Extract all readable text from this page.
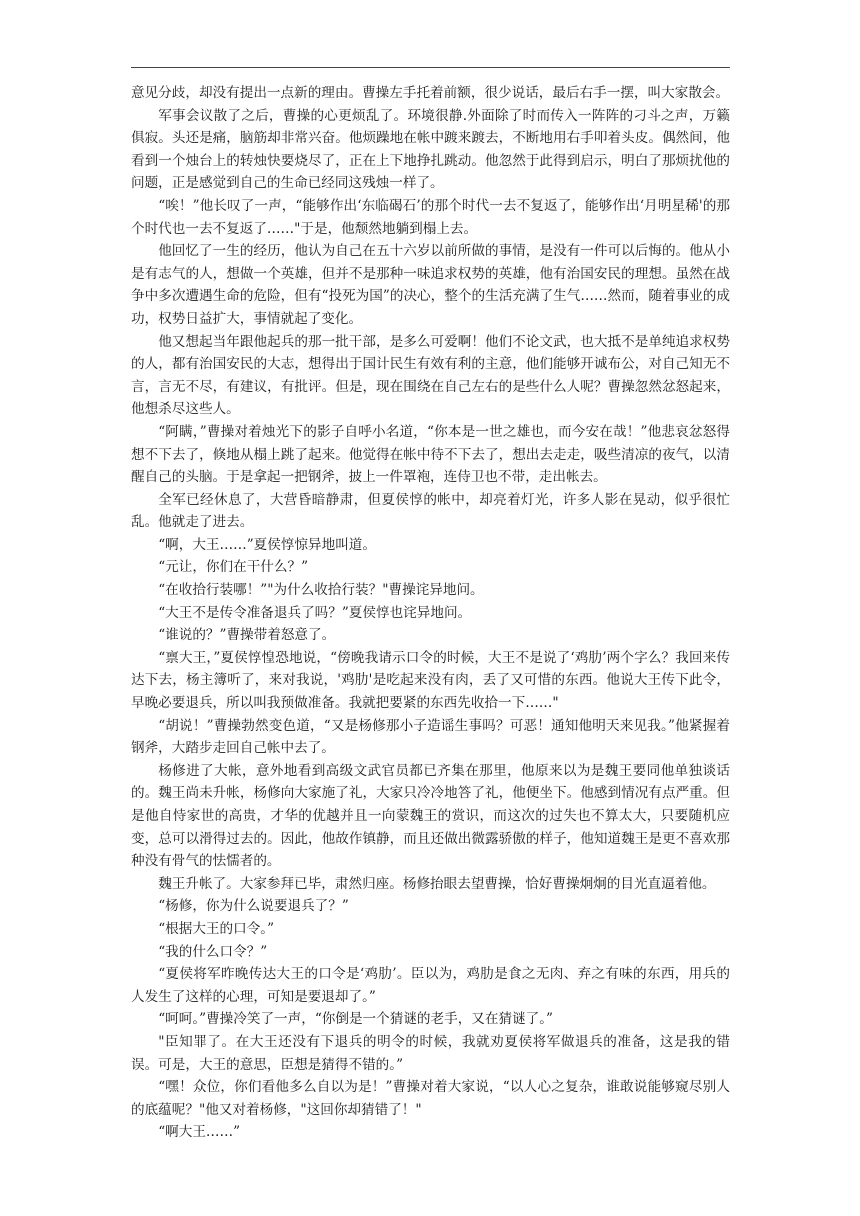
意见分歧，却没有提出一点新的理由。曹操左手托着前额，很少说话，最后右手一摆，叫大家散会。

军事会议散了之后，曹操的心更烦乱了。环境很静.外面除了时而传入一阵阵的刁斗之声，万籁俱寂。头还是痛，脑筋却非常兴奋。他烦躁地在帐中踱来踱去，不断地用右手叩着头皮。偶然间，他看到一个烛台上的转烛快要烧尽了，正在上下地挣扎跳动。他忽然于此得到启示，明白了那烦扰他的问题，正是感觉到自己的生命已经同这残烛一样了。

“唉！”他长叹了一声，“能够作出‘东临碣石’的那个时代一去不复返了，能够作出‘月明星稀'的那个时代也一去不复返了……"于是，他颓然地躺到榻上去。

他回忆了一生的经历，他认为自己在五十六岁以前所做的事情，是没有一件可以后悔的。他从小是有志气的人，想做一个英雄，但并不是那种一味追求权势的英雄，他有治国安民的理想。虽然在战争中多次遭遇生命的危险，但有“投死为国”的决心，整个的生活充满了生气……然而，随着事业的成功，权势日益扩大，事情就起了变化。

他又想起当年跟他起兵的那一批干部，是多么可爱啊！他们不论文武，也大抵不是单纯追求权势的人，都有治国安民的大志，想得出于国计民生有效有利的主意，他们能够开诚布公，对自己知无不言，言无不尽，有建议，有批评。但是，现在围绕在自己左右的是些什么人呢？曹操忽然忿怒起来，他想杀尽这些人。

“阿瞒，”曹操对着烛光下的影子自呼小名道，“你本是一世之雄也，而今安在哉！”他悲哀忿怒得想不下去了，倏地从榻上跳了起来。他觉得在帐中待不下去了，想出去走走，吸些清凉的夜气，以清醒自己的头脑。于是拿起一把钢斧，披上一件罩袍，连侍卫也不带，走出帐去。

全军已经休息了，大营昏暗静肃，但夏侯惇的帐中，却亮着灯光，许多人影在晃动，似乎很忙乱。他就走了进去。

“啊，大王……”夏侯惇惊异地叫道。

“元让，你们在干什么？”

“在收拾行装哪！”"为什么收拾行装？"曹操诧异地问。

“大王不是传令准备退兵了吗？”夏侯惇也诧异地问。

“谁说的？”曹操带着怒意了。

“禀大王，”夏侯惇惶恐地说，“傍晚我请示口令的时候，大王不是说了‘鸡肋’两个字么？我回来传达下去，杨主簿听了，来对我说，'鸡肋'是吃起来没有肉，丢了又可惜的东西。他说大王传下此令，早晚必要退兵，所以叫我预做准备。我就把要紧的东西先收拾一下……"

“胡说！”曹操勃然变色道，“又是杨修那小子造谣生事吗？可恶！通知他明天来见我。”他紧握着钢斧，大踏步走回自己帐中去了。

杨修进了大帐，意外地看到高级文武官员都已齐集在那里，他原来以为是魏王要同他单独谈话的。魏王尚未升帐，杨修向大家施了礼，大家只冷冷地答了礼，他便坐下。他感到情况有点严重。但是他自恃家世的高贵，才华的优越并且一向蒙魏王的赏识，而这次的过失也不算太大，只要随机应变，总可以滑得过去的。因此，他故作镇静，而且还做出微露骄傲的样子，他知道魏王是更不喜欢那种没有骨气的怯懦者的。

魏王升帐了。大家参拜已毕，肃然归座。杨修抬眼去望曹操，恰好曹操炯炯的目光直逼着他。

“杨修，你为什么说要退兵了？”

“根据大王的口令。”

“我的什么口令？”

“夏侯将军昨晚传达大王的口令是‘鸡肋’。臣以为，鸡肋是食之无肉、弃之有味的东西，用兵的人发生了这样的心理，可知是要退却了。”

“呵呵。”曹操冷笑了一声，“你倒是一个猜谜的老手，又在猜谜了。”

"臣知罪了。在大王还没有下退兵的明令的时候，我就劝夏侯将军做退兵的准备，这是我的错误。可是，大王的意思，臣想是猜得不错的。”

“嘿！众位，你们看他多么自以为是！”曹操对着大家说，“以人心之复杂，谁敢说能够窥尽别人的底蕴呢？"他又对着杨修，"这回你却猜错了！"

“啊大王……”
